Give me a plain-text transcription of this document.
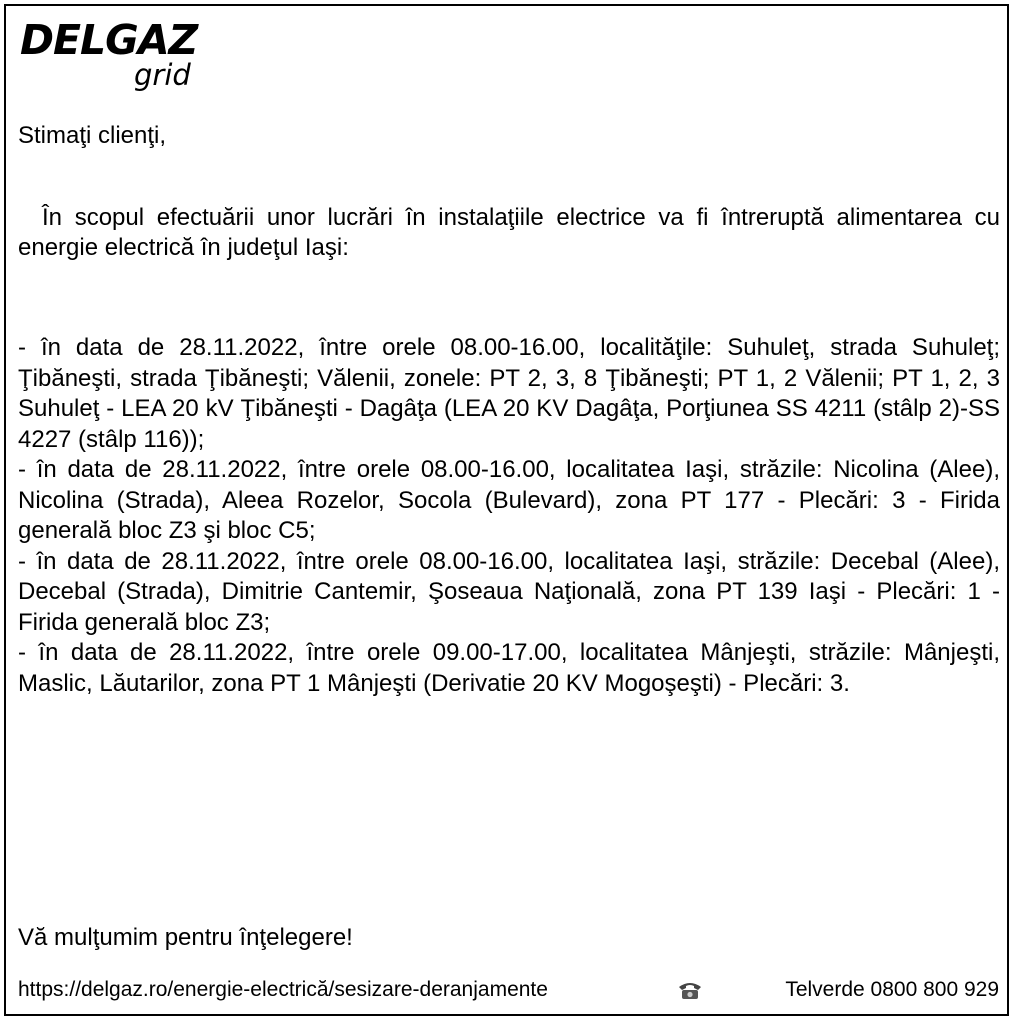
DELGAZ
grid
Stimaţi clienţi,
În scopul efectuării unor lucrări în instalaţiile electrice va fi întreruptă alimentarea cu energie electrică în judeţul Iaşi:

- în data de 28.11.2022, între orele 08.00-16.00, localităţile: Suhuleţ, strada Suhuleţ; Ţibăneşti, strada Ţibăneşti; Vălenii, zonele: PT 2, 3, 8 Ţibăneşti; PT 1, 2 Vălenii; PT 1, 2, 3 Suhuleţ - LEA 20 kV Ţibăneşti - Dagâţa (LEA 20 KV Dagâţa, Porţiunea SS 4211 (stâlp 2)-SS 4227 (stâlp 116));

- în data de 28.11.2022, între orele 08.00-16.00, localitatea Iaşi, străzile: Nicolina (Alee), Nicolina (Strada), Aleea Rozelor, Socola (Bulevard), zona PT 177 - Plecări: 3 - Firida generală bloc Z3 şi bloc C5;

- în data de 28.11.2022, între orele 08.00-16.00, localitatea Iaşi, străzile: Decebal (Alee), Decebal (Strada), Dimitrie Cantemir, Şoseaua Naţională, zona PT 139 Iaşi - Plecări: 1 - Firida generală bloc Z3;

- în data de 28.11.2022, între orele 09.00-17.00, localitatea Mânjeşti, străzile: Mânjeşti, Maslic, Lăutarilor, zona PT 1 Mânjeşti (Derivatie 20 KV Mogoşeşti) - Plecări: 3.

Vă mulţumim pentru înţelegere!
https://delgaz.ro/energie-electrică/sesizare-deranjamente	Telverde 0800 800 929
